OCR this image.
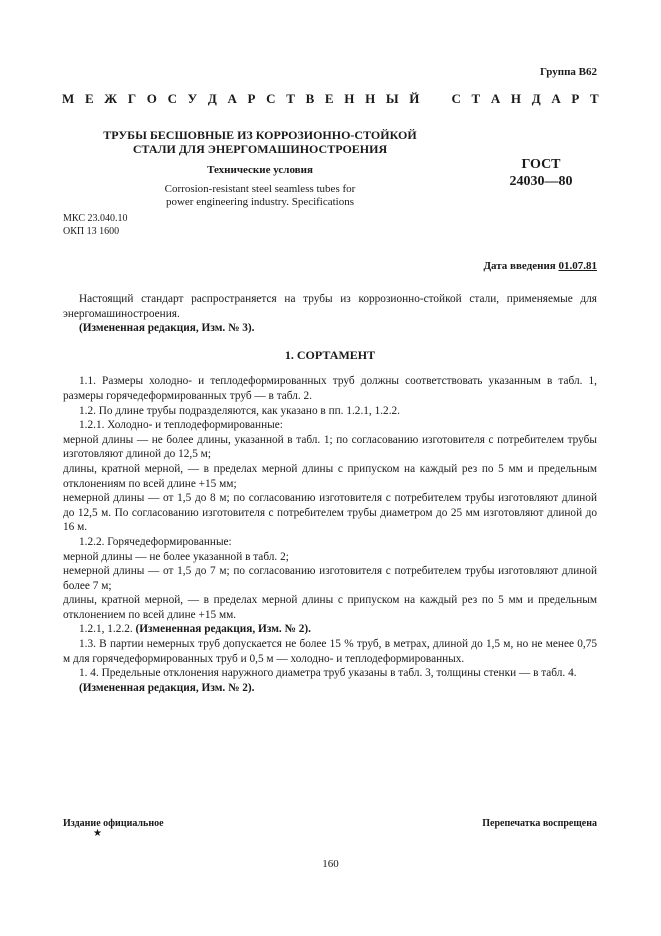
Группа В62
М Е Ж Г О С У Д А Р С Т В Е Н Н Ы Й С Т А Н Д А Р Т
ТРУБЫ БЕСШОВНЫЕ ИЗ КОРРОЗИОННО-СТОЙКОЙ
СТАЛИ ДЛЯ ЭНЕРГОМАШИНОСТРОЕНИЯ
Технические условия
Corrosion-resistant steel seamless tubes for
power engineering industry. Specifications
ГОСТ
24030—80
МКС 23.040.10
ОКП 13 1600
Дата введения 01.07.81

Настоящий стандарт распространяется на трубы из коррозионно-стойкой стали, применяемые для энергомашиностроения.

(Измененная редакция, Изм. № 3).

1. СОРТАМЕНТ

1.1. Размеры холодно- и теплодеформированных труб должны соответствовать указанным в табл. 1, размеры горячедеформированных труб — в табл. 2.

1.2. По длине трубы подразделяются, как указано в пп. 1.2.1, 1.2.2.

1.2.1. Холодно- и теплодеформированные:

мерной длины — не более длины, указанной в табл. 1; по согласованию изготовителя с потребителем трубы изготовляют длиной до 12,5 м;

длины, кратной мерной, — в пределах мерной длины с припуском на каждый рез по 5 мм и предельным отклонениям по всей длине +15 мм;

немерной длины — от 1,5 до 8 м; по согласованию изготовителя с потребителем трубы изготовляют длиной до 12,5 м. По согласованию изготовителя с потребителем трубы диаметром до 25 мм изготовляют длиной до 16 м.

1.2.2. Горячедеформированные:

мерной длины — не более указанной в табл. 2;

немерной длины — от 1,5 до 7 м; по согласованию изготовителя с потребителем трубы изготовляют длиной более 7 м;

длины, кратной мерной, — в пределах мерной длины с припуском на каждый рез по 5 мм и предельным отклонением по всей длине +15 мм.

1.2.1, 1.2.2. (Измененная редакция, Изм. № 2).

1.3. В партии немерных труб допускается не более 15 % труб, в метрах, длиной до 1,5 м, но не менее 0,75 м для горячедеформированных труб и 0,5 м — холодно- и теплодеформированных.

1. 4. Предельные отклонения наружного диаметра труб указаны в табл. 3, толщины стенки — в табл. 4.

(Измененная редакция, Изм. № 2).

Издание официальное
★
Перепечатка воспрещена
160
